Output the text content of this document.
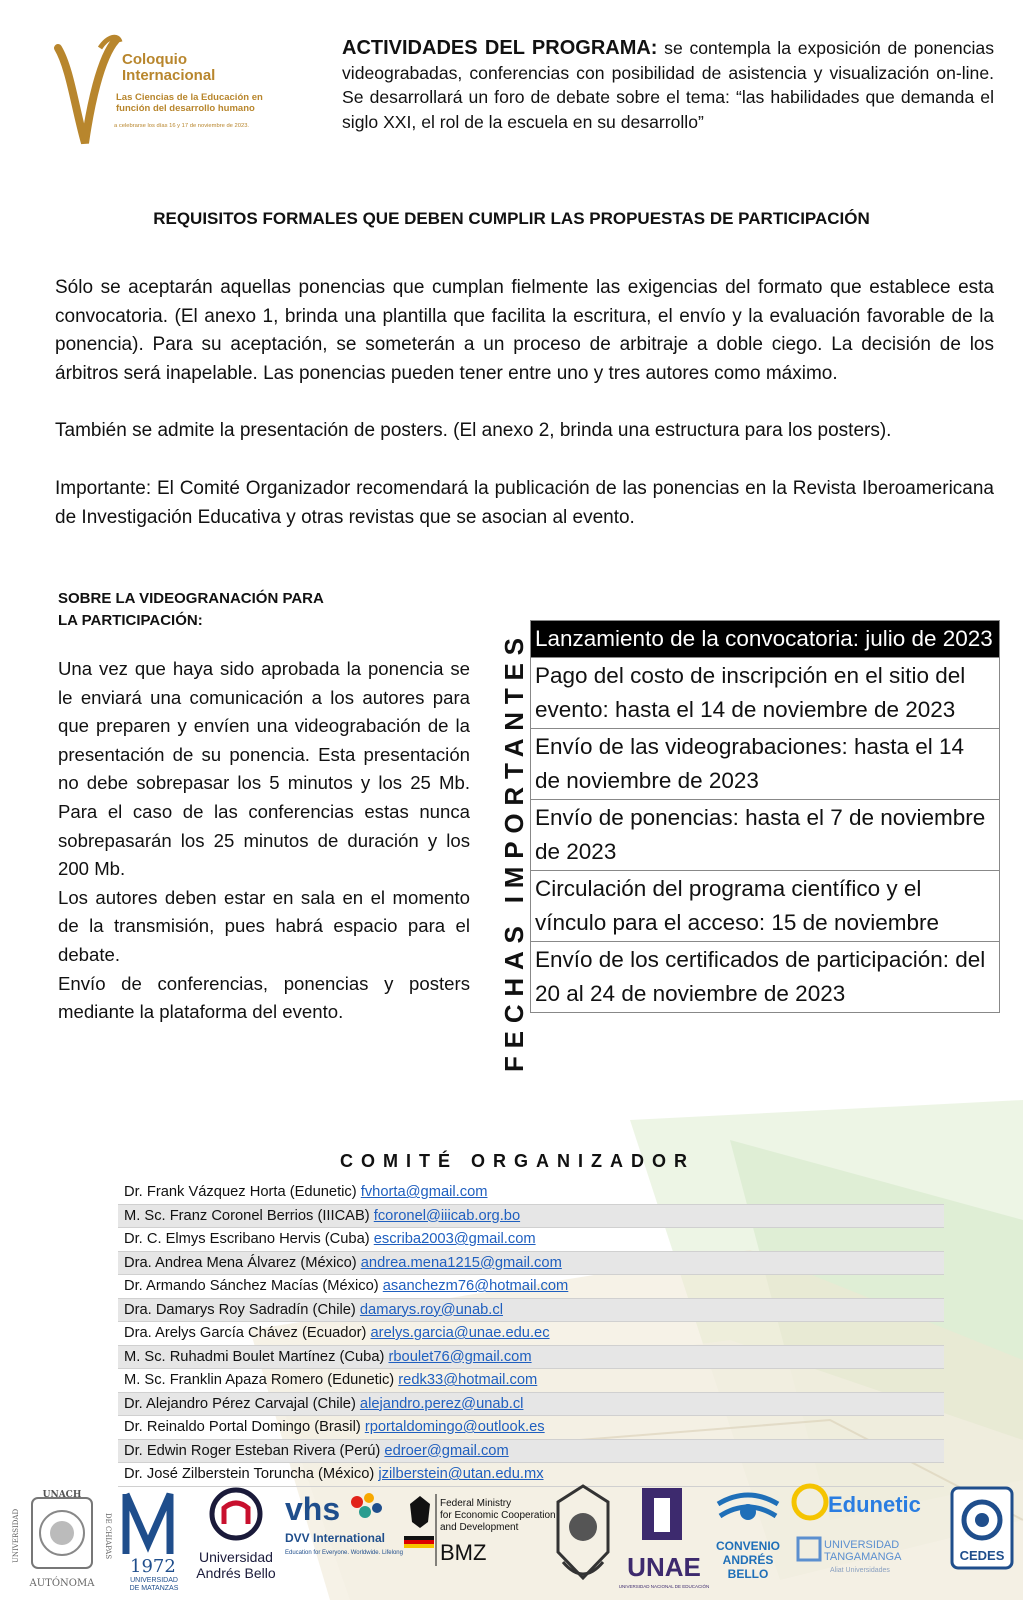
Coloquio
Internacional
Las Ciencias de la Educación en
función del desarrollo humano
a celebrarse los días 16 y 17 de noviembre de 2023.
ACTIVIDADES DEL PROGRAMA: se contempla la exposición de ponencias videograbadas, conferencias con posibilidad de asistencia y visualización on-line. Se desarrollará un foro de debate sobre el tema: “las habilidades que demanda el siglo XXI, el rol de la escuela en su desarrollo”
REQUISITOS FORMALES QUE DEBEN CUMPLIR LAS PROPUESTAS DE PARTICIPACIÓN
Sólo se aceptarán aquellas ponencias que cumplan fielmente las exigencias del formato que establece esta convocatoria. (El anexo 1, brinda una plantilla que facilita la escritura, el envío y la evaluación favorable de la ponencia). Para su aceptación, se someterán a un proceso de arbitraje a doble ciego. La decisión de los árbitros será inapelable. Las ponencias pueden tener entre uno y tres autores como máximo.
También se admite la presentación de posters. (El anexo 2, brinda una estructura para los posters).
Importante: El Comité Organizador recomendará la publicación de las ponencias en la Revista Iberoamericana de Investigación Educativa y otras revistas que se asocian al evento.
SOBRE LA VIDEOGRANACIÓN PARA
LA PARTICIPACIÓN:

Una vez que haya sido aprobada la ponencia se le enviará una comunicación a los autores para que preparen y envíen una videograbación de la presentación de su ponencia. Esta presentación no debe sobrepasar los 5 minutos y los 25 Mb. Para el caso de las conferencias estas nunca sobrepasarán los 25 minutos de duración y los 200 Mb.

Los autores deben estar en sala en el momento de la transmisión, pues habrá espacio para el debate.

Envío de conferencias, ponencias y posters mediante la plataforma del evento.	FECHAS IMPORTANTES Lanzamiento de la convocatoria: julio de 2023
Pago del costo de inscripción en el sitio del evento: hasta el 14 de noviembre de 2023
Envío de las videograbaciones: hasta el 14 de noviembre de 2023
Envío de ponencias: hasta el 7 de noviembre de 2023
Circulación del programa científico y el vínculo para el acceso: 15 de noviembre
Envío de los certificados de participación: del 20 al 24 de noviembre de 2023
COMITÉ ORGANIZADOR
Dr. Frank Vázquez Horta (Edunetic) fvhorta@gmail.com
M. Sc. Franz Coronel Berrios (IIICAB) fcoronel@iiicab.org.bo
Dr. C. Elmys Escribano Hervis (Cuba) escriba2003@gmail.com
Dra. Andrea Mena Álvarez (México) andrea.mena1215@gmail.com
Dr. Armando Sánchez Macías (México) asanchezm76@hotmail.com
Dra. Damarys Roy Sadradín (Chile) damarys.roy@unab.cl
Dra. Arelys García Chávez (Ecuador) arelys.garcia@unae.edu.ec
M. Sc. Ruhadmi Boulet Martínez (Cuba) rboulet76@gmail.com
M. Sc. Franklin Apaza Romero (Edunetic) redk33@hotmail.com
Dr. Alejandro Pérez Carvajal (Chile) alejandro.perez@unab.cl
Dr. Reinaldo Portal Domingo (Brasil) rportaldomingo@outlook.es
Dr. Edwin Roger Esteban Rivera (Perú) edroer@gmail.com
Dr. José Zilberstein Toruncha (México) jzilberstein@utan.edu.mx
UNACH
UNIVERSIDAD	DE CHIAPAS
AUTÓNOMA
1972
UNIVERSIDAD
DE MATANZAS
Universidad
Andrés Bello
vhs
DVV International
Education for Everyone. Worldwide. Lifelong
Federal Ministry
for Economic Cooperation
and Development
BMZ	UNAE
UNIVERSIDAD NACIONAL DE EDUCACIÓN
CONVENIO
ANDRÉS
BELLO
Edunetic
UNIVERSIDAD
TANGAMANGA
Aliat Universidades
CEDES
